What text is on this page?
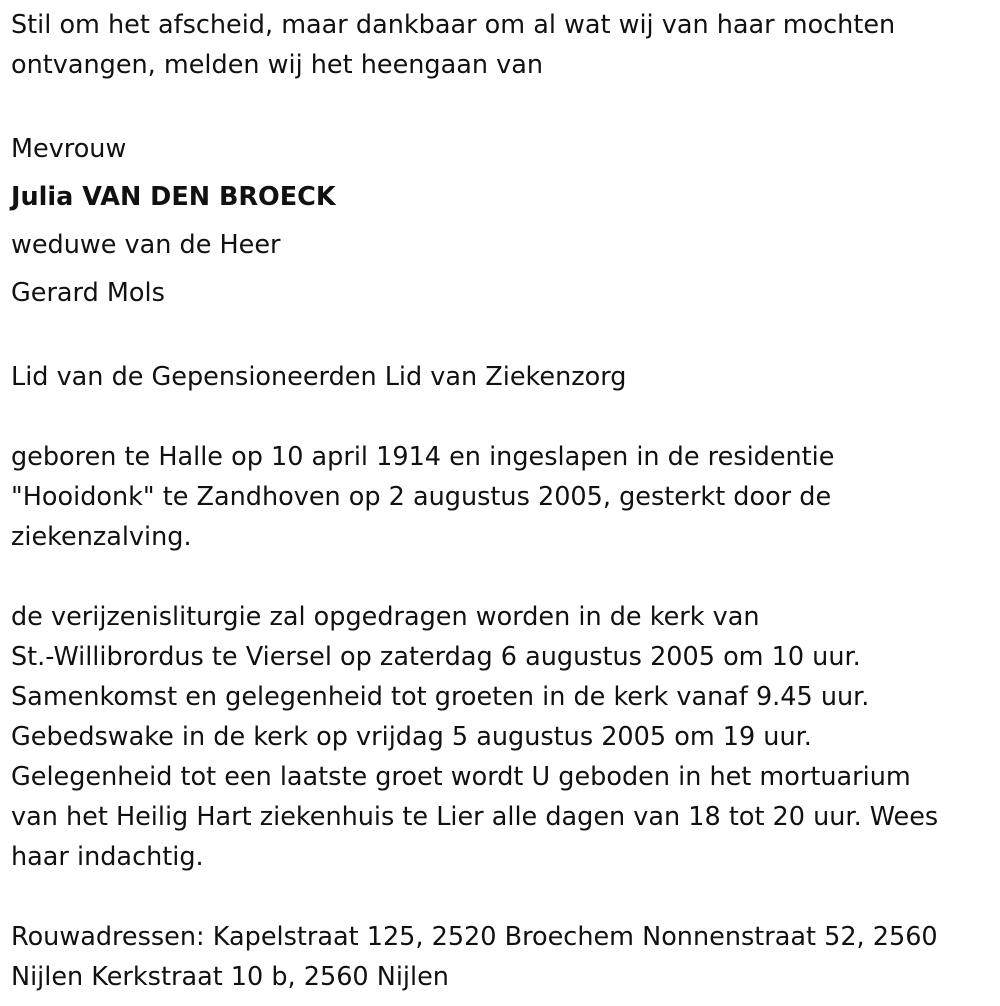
Stil om het afscheid, maar dankbaar om al wat wij van haar mochten

ontvangen, melden wij het heengaan van

Mevrouw

Julia VAN DEN BROECK

weduwe van de Heer

Gerard Mols

Lid van de Gepensioneerden Lid van Ziekenzorg

geboren te Halle op 10 april 1914 en ingeslapen in de residentie

"Hooidonk" te Zandhoven op 2 augustus 2005, gesterkt door de

ziekenzalving.

de verijzenisliturgie zal opgedragen worden in de kerk van

St.-Willibrordus te Viersel op zaterdag 6 augustus 2005 om 10 uur.

Samenkomst en gelegenheid tot groeten in de kerk vanaf 9.45 uur.

Gebedswake in de kerk op vrijdag 5 augustus 2005 om 19 uur.

Gelegenheid tot een laatste groet wordt U geboden in het mortuarium

van het Heilig Hart ziekenhuis te Lier alle dagen van 18 tot 20 uur. Wees

haar indachtig.

Rouwadressen: Kapelstraat 125, 2520 Broechem Nonnenstraat 52, 2560

Nijlen Kerkstraat 10 b, 2560 Nijlen
